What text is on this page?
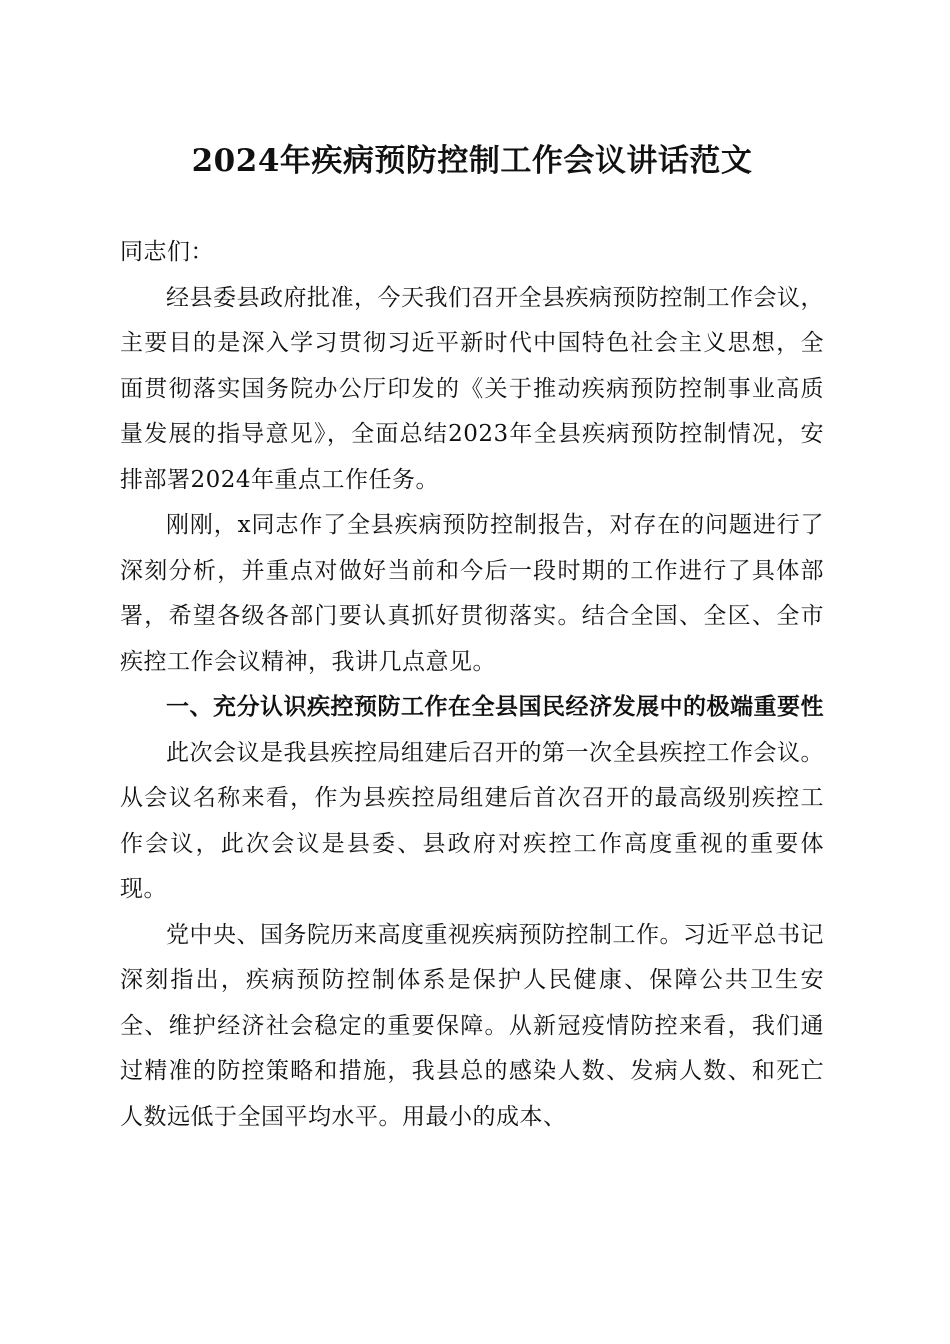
2024年疾病预防控制工作会议讲话范文

同志们：

经县委县政府批准，今天我们召开全县疾病预防控制工作会议，主要目的是深入学习贯彻习近平新时代中国特色社会主义思想，全面贯彻落实国务院办公厅印发的《关于推动疾病预防控制事业高质量发展的指导意见》，全面总结2023年全县疾病预防控制情况，安排部署2024年重点工作任务。

刚刚，x同志作了全县疾病预防控制报告，对存在的问题进行了深刻分析，并重点对做好当前和今后一段时期的工作进行了具体部署，希望各级各部门要认真抓好贯彻落实。结合全国、全区、全市疾控工作会议精神，我讲几点意见。

一、充分认识疾控预防工作在全县国民经济发展中的极端重要性

此次会议是我县疾控局组建后召开的第一次全县疾控工作会议。从会议名称来看，作为县疾控局组建后首次召开的最高级别疾控工作会议，此次会议是县委、县政府对疾控工作高度重视的重要体现。

党中央、国务院历来高度重视疾病预防控制工作。习近平总书记深刻指出，疾病预防控制体系是保护人民健康、保障公共卫生安全、维护经济社会稳定的重要保障。从新冠疫情防控来看，我们通过精准的防控策略和措施，我县总的感染人数、发病人数、和死亡人数远低于全国平均水平。用最小的成本、
